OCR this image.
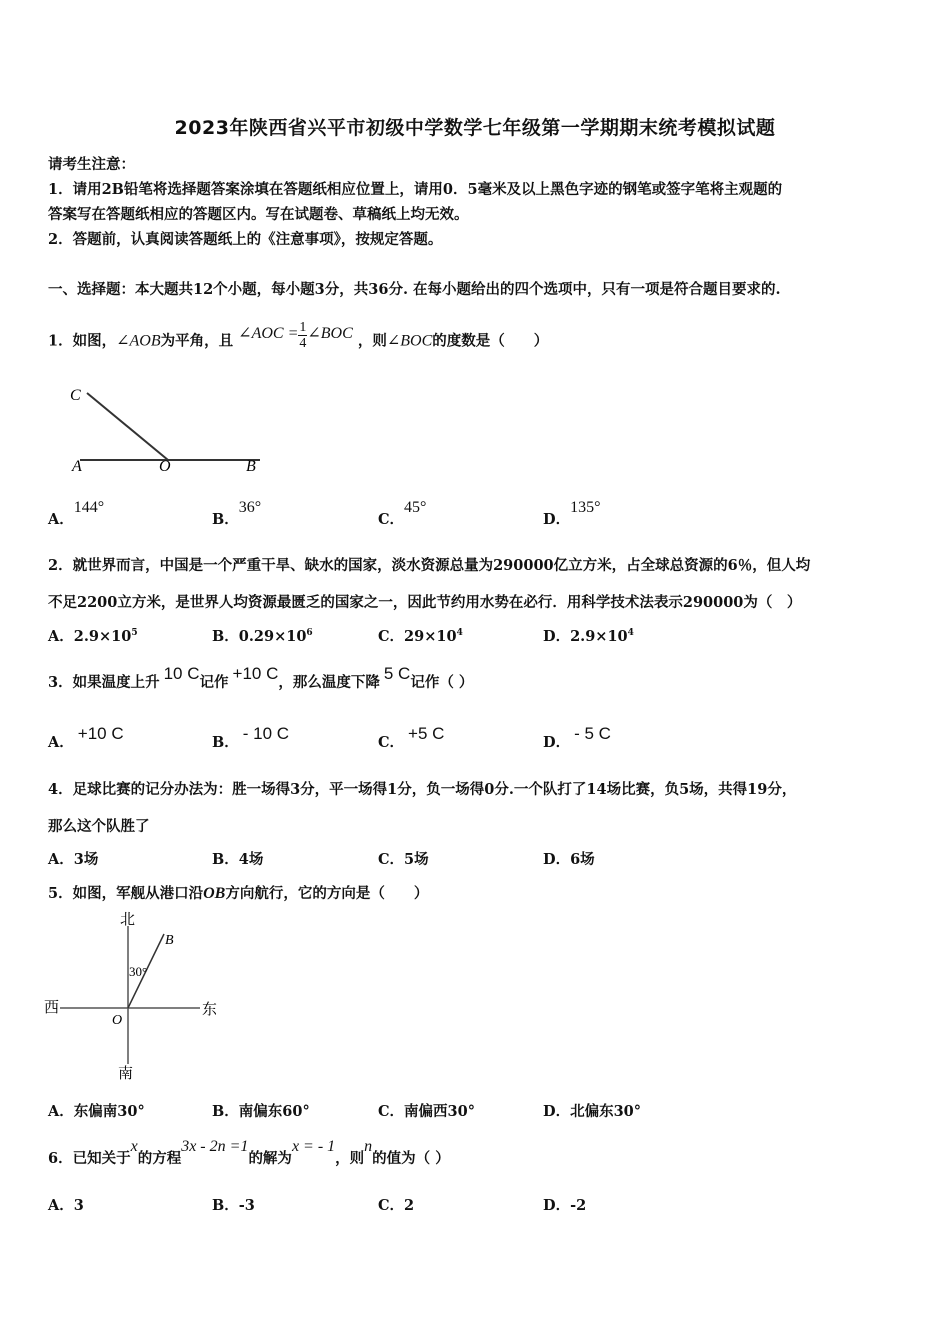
2023年陕西省兴平市初级中学数学七年级第一学期期末统考模拟试题
请考生注意：
1．请用2B铅笔将选择题答案涂填在答题纸相应位置上，请用0．5毫米及以上黑色字迹的钢笔或签字笔将主观题的
答案写在答题纸相应的答题区内。写在试题卷、草稿纸上均无效。
2．答题前，认真阅读答题纸上的《注意事项》，按规定答题。
一、选择题：本大题共12个小题，每小题3分，共36分. 在每小题给出的四个选项中，只有一项是符合题目要求的.
1．如图，∠AOB为平角，且 ∠AOC = $\frac{1}{4}$ ∠BOC ，则∠BOC的度数是（　　）
C
A	O	B
A．144°
B．36°
C．45°
D．135°
2．就世界而言，中国是一个严重干旱、缺水的国家，淡水资源总量为290000亿立方米，占全球总资源的6％，但人均
不足2200立方米，是世界人均资源最匮乏的国家之一，因此节约用水势在必行．用科学技术法表示290000为（　）
A．$2.9\times 10^5$	B．$0.29\times 10^6$	C．$29\times 10^4$	D．$2.9\times 10^4$
3．如果温度上升 10 C记作 +10 C，那么温度下降 5 C记作（ ）
A． +10 C	B． - 10 C	C． +5 C	D． - 5 C
4．足球比赛的记分办法为：胜一场得3分，平一场得1分，负一场得0分.一个队打了14场比赛，负5场，共得19分，
那么这个队胜了
A．3场	B．4场	C．5场	D．6场
5．如图，军舰从港口沿OB方向航行，它的方向是（　　）
北
南
西	东
B
O
30°
A．东偏南30°	B．南偏东60°	C．南偏西30°	D．北偏东30°
6．已知关于x的方程3x - 2n =1的解为x = - 1，则n的值为（ ）
A．3	B．-3	C．2	D．-2
